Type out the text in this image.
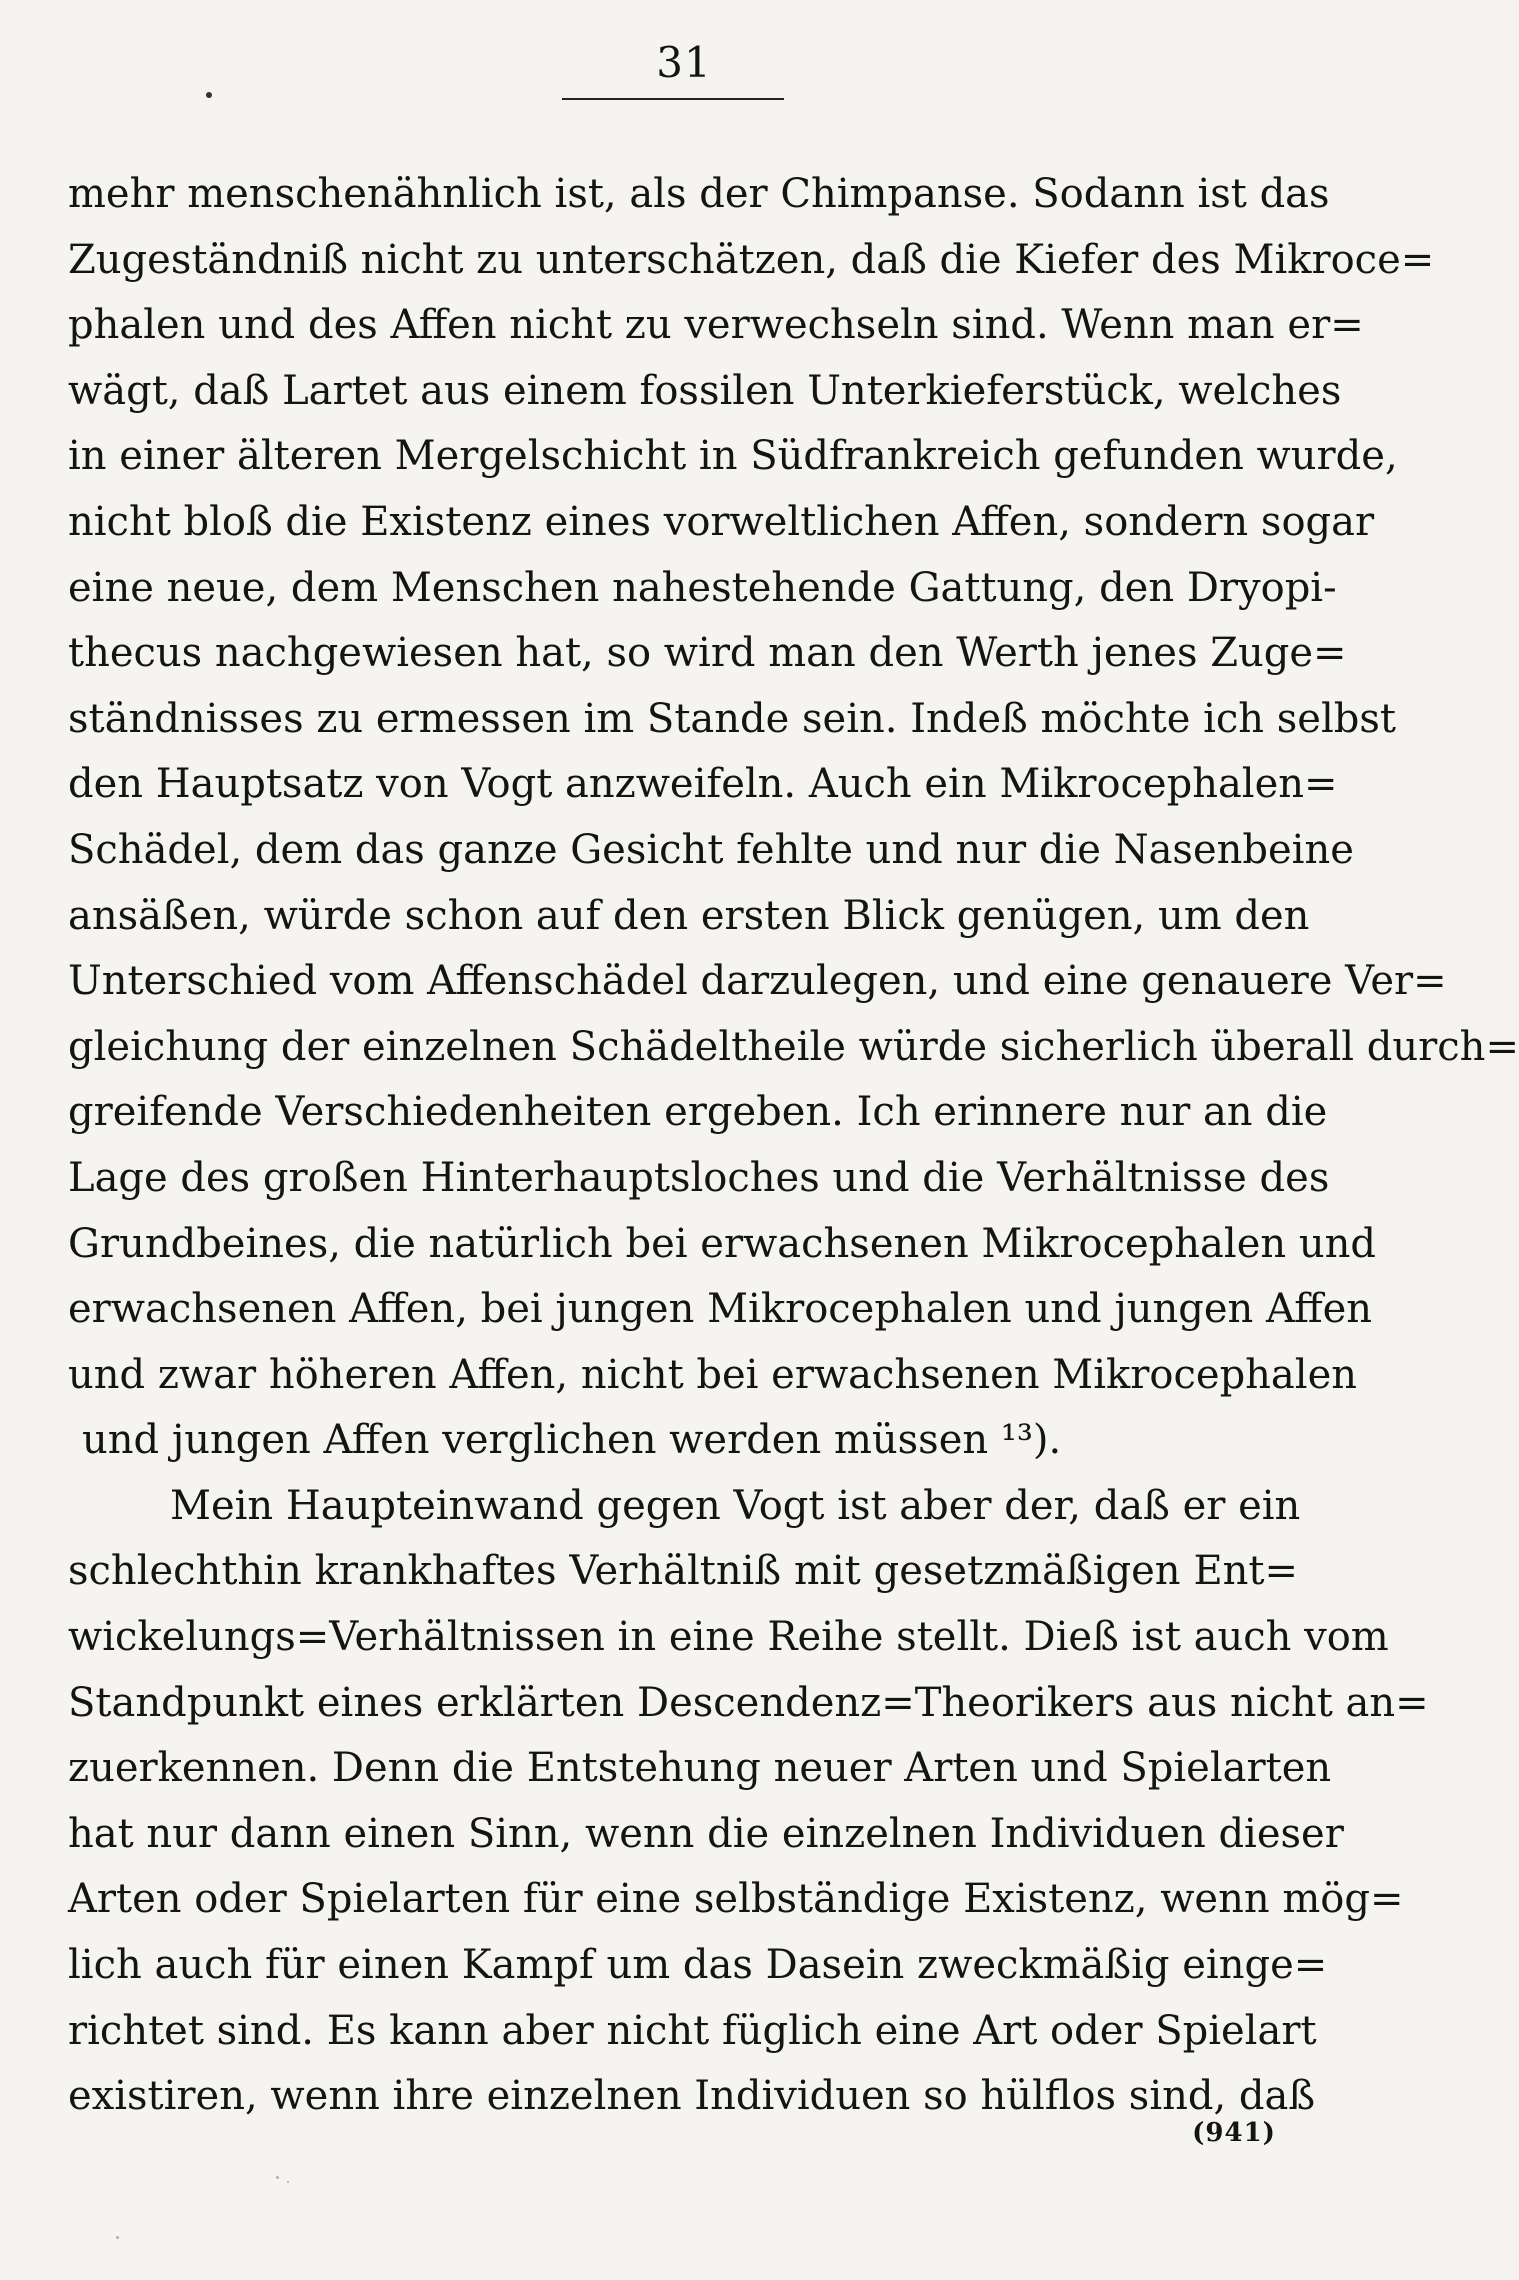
31
mehr menschenähnlich ist, als der Chimpanse. Sodann ist das
Zugeständniß nicht zu unterschätzen, daß die Kiefer des Mikroce=
phalen und des Affen nicht zu verwechseln sind. Wenn man er=
wägt, daß Lartet aus einem fossilen Unterkieferstück, welches
in einer älteren Mergelschicht in Südfrankreich gefunden wurde,
nicht bloß die Existenz eines vorweltlichen Affen, sondern sogar
eine neue, dem Menschen nahestehende Gattung, den Dryopi-
thecus nachgewiesen hat, so wird man den Werth jenes Zuge=
ständnisses zu ermessen im Stande sein. Indeß möchte ich selbst
den Hauptsatz von Vogt anzweifeln. Auch ein Mikrocephalen=
Schädel, dem das ganze Gesicht fehlte und nur die Nasenbeine
ansäßen, würde schon auf den ersten Blick genügen, um den
Unterschied vom Affenschädel darzulegen, und eine genauere Ver=
gleichung der einzelnen Schädeltheile würde sicherlich überall durch=
greifende Verschiedenheiten ergeben. Ich erinnere nur an die
Lage des großen Hinterhauptsloches und die Verhältnisse des
Grundbeines, die natürlich bei erwachsenen Mikrocephalen und
erwachsenen Affen, bei jungen Mikrocephalen und jungen Affen
und zwar höheren Affen, nicht bei erwachsenen Mikrocephalen
und jungen Affen verglichen werden müssen ¹³).
Mein Haupteinwand gegen Vogt ist aber der, daß er ein
schlechthin krankhaftes Verhältniß mit gesetzmäßigen Ent=
wickelungs=Verhältnissen in eine Reihe stellt. Dieß ist auch vom
Standpunkt eines erklärten Descendenz=Theorikers aus nicht an=
zuerkennen. Denn die Entstehung neuer Arten und Spielarten
hat nur dann einen Sinn, wenn die einzelnen Individuen dieser
Arten oder Spielarten für eine selbständige Existenz, wenn mög=
lich auch für einen Kampf um das Dasein zweckmäßig einge=
richtet sind. Es kann aber nicht füglich eine Art oder Spielart
existiren, wenn ihre einzelnen Individuen so hülflos sind, daß
(941)
